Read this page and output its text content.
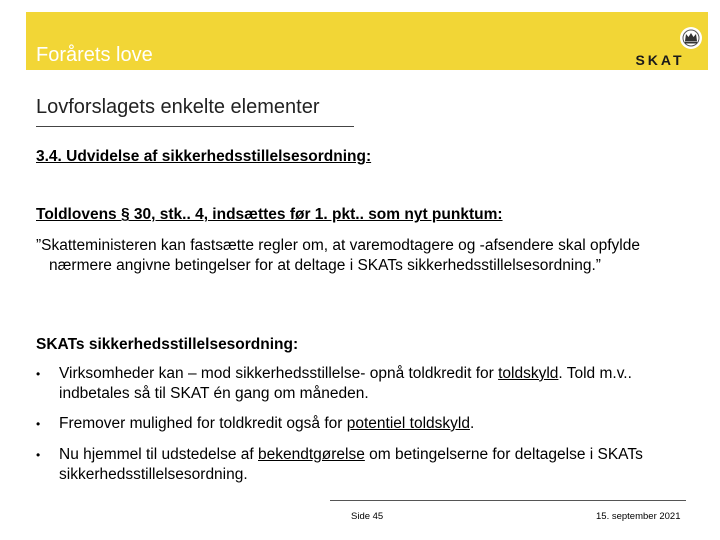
Forårets love	SKAT
Lovforslagets enkelte elementer
3.4. Udvidelse af sikkerhedsstillelsesordning:
Toldlovens § 30, stk.. 4, indsættes før 1. pkt.. som nyt punktum:
”Skatteministeren kan fastsætte regler om, at varemodtagere og -afsendere skal opfylde nærmere angivne betingelser for at deltage i SKATs sikkerhedsstillelsesordning.”
SKATs sikkerhedsstillelsesordning:
• Virksomheder kan – mod sikkerhedsstillelse- opnå toldkredit for toldskyld. Told m.v.. indbetales så til SKAT én gang om måneden.
• Fremover mulighed for toldkredit også for potentiel toldskyld.
• Nu hjemmel til udstedelse af bekendtgørelse om betingelserne for deltagelse i SKATs sikkerhedsstillelsesordning.
Side 45	15. september 2021
